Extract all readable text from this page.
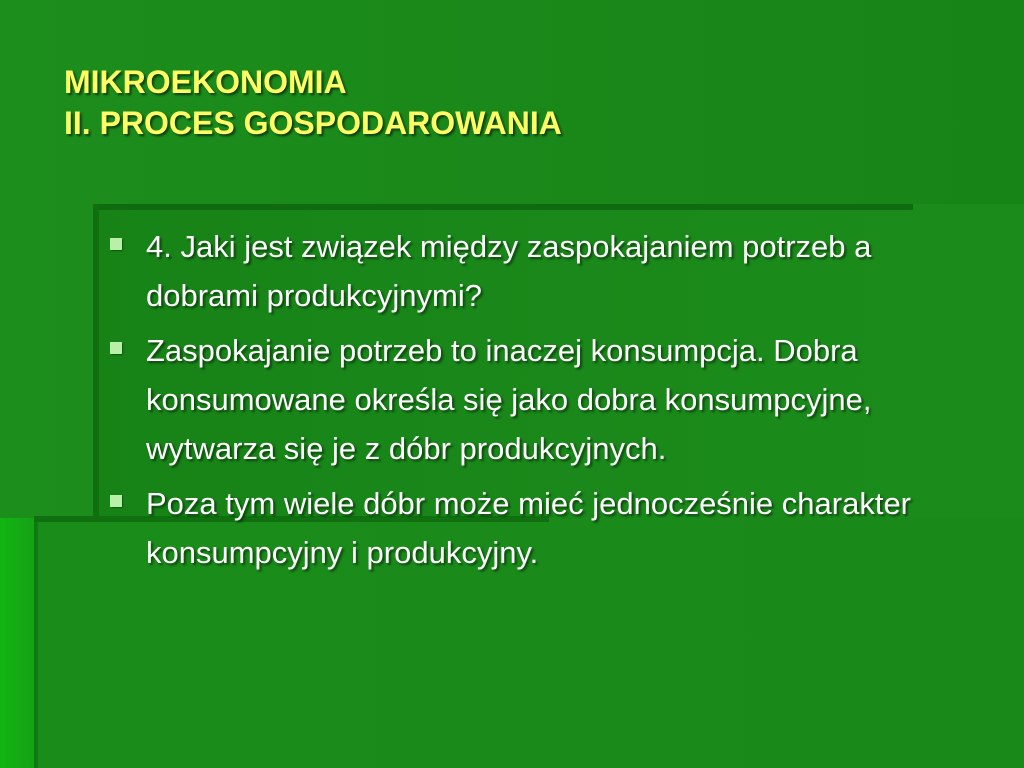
MIKROEKONOMIA
II. PROCES GOSPODAROWANIA
4. Jaki jest związek między zaspokajaniem potrzeb a dobrami produkcyjnymi?
Zaspokajanie potrzeb to inaczej konsumpcja. Dobra konsumowane określa się jako dobra konsumpcyjne, wytwarza się je z dóbr produkcyjnych.
Poza tym wiele dóbr może mieć jednocześnie charakter konsumpcyjny i produkcyjny.
